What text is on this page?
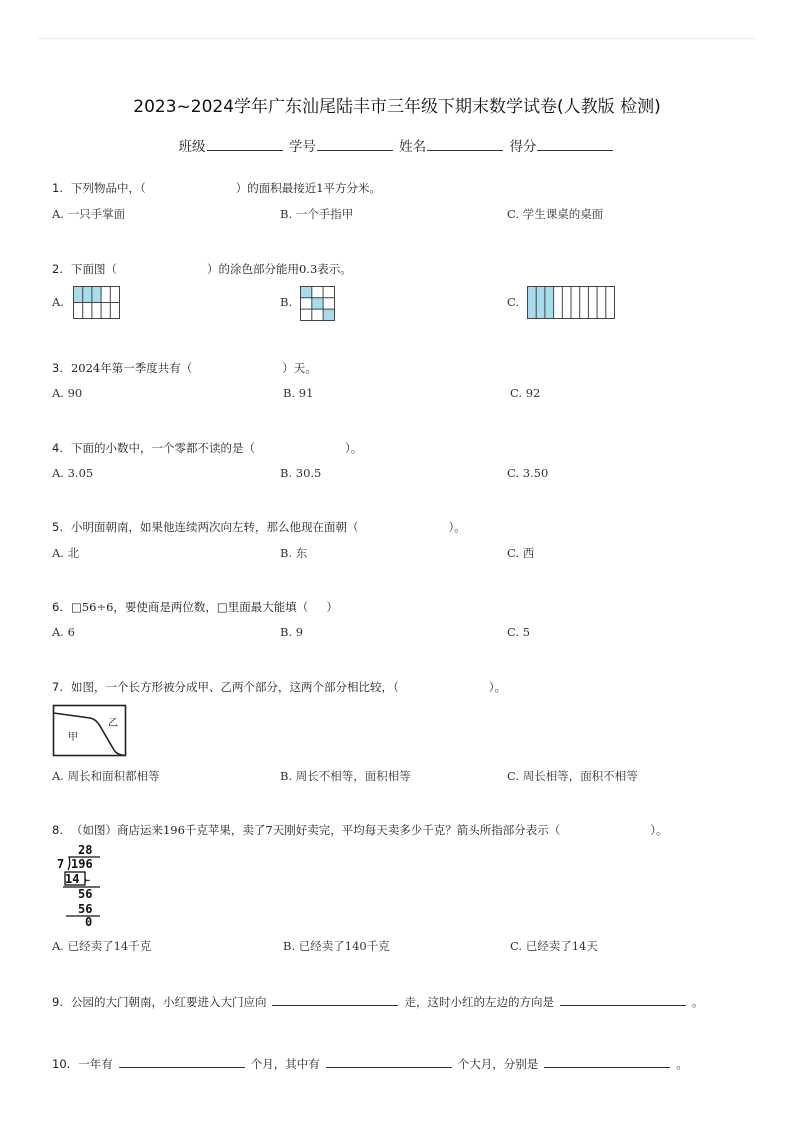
2023~2024学年广东汕尾陆丰市三年级下期末数学试卷(人教版 检测)
班级	学号	姓名	得分
1. 下列物品中，（	）的面积最接近1平方分米。
A. 一只手掌面	B. 一个手指甲	C. 学生课桌的桌面
2. 下面图（	）的涂色部分能用0.3表示。
A.	B.	C.
3. 2024年第一季度共有（	）天。
A. 90	B. 91	C. 92
4. 下面的小数中，一个零都不读的是（	）。
A. 3.05	B. 30.5	C. 3.50
5. 小明面朝南，如果他连续两次向左转，那么他现在面朝（	）。
A. 北	B. 东	C. 西
6. □56÷6，要使商是两位数，□里面最大能填（ ）
A. 6	B. 9	C. 5
7. 如图，一个长方形被分成甲、乙两个部分，这两个部分相比较，（	）。
甲
乙
A. 周长和面积都相等	B. 周长不相等，面积相等	C. 周长相等，面积不相等
8. （如图）商店运来196千克苹果，卖了7天刚好卖完，平均每天卖多少千克？箭头所指部分表示（	）。
28
7 196
14 ←
56
56
0
A. 已经卖了14千克	B. 已经卖了140千克	C. 已经卖了14天
9. 公园的大门朝南，小红要进入大门应向	走，这时小红的左边的方向是	。
10. 一年有	个月，其中有	个大月，分别是	。
